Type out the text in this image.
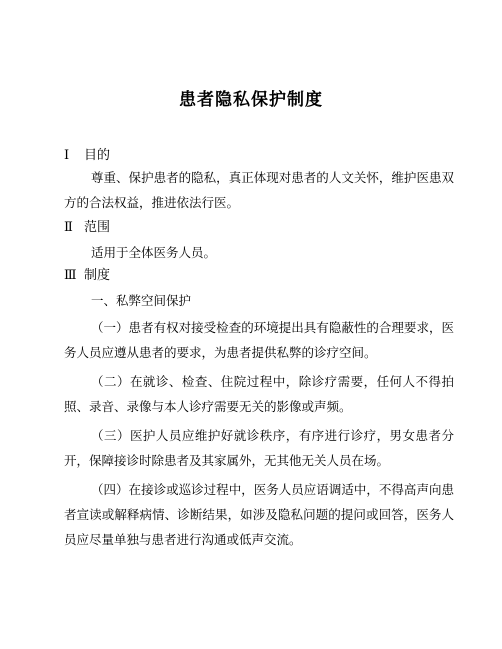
患者隐私保护制度
Ⅰ 目的

尊重、保护患者的隐私，真正体现对患者的人文关怀，维护医患双方的合法权益，推进依法行医。

Ⅱ 范围

适用于全体医务人员。

Ⅲ 制度

一、私弊空间保护

（一）患者有权对接受检查的环境提出具有隐蔽性的合理要求，医务人员应遵从患者的要求，为患者提供私弊的诊疗空间。

（二）在就诊、检查、住院过程中，除诊疗需要，任何人不得拍照、录音、录像与本人诊疗需要无关的影像或声频。

（三）医护人员应维护好就诊秩序，有序进行诊疗，男女患者分开，保障接诊时除患者及其家属外，无其他无关人员在场。

（四）在接诊或巡诊过程中，医务人员应语调适中，不得高声向患者宣读或解释病情、诊断结果，如涉及隐私问题的提问或回答，医务人员应尽量单独与患者进行沟通或低声交流。
